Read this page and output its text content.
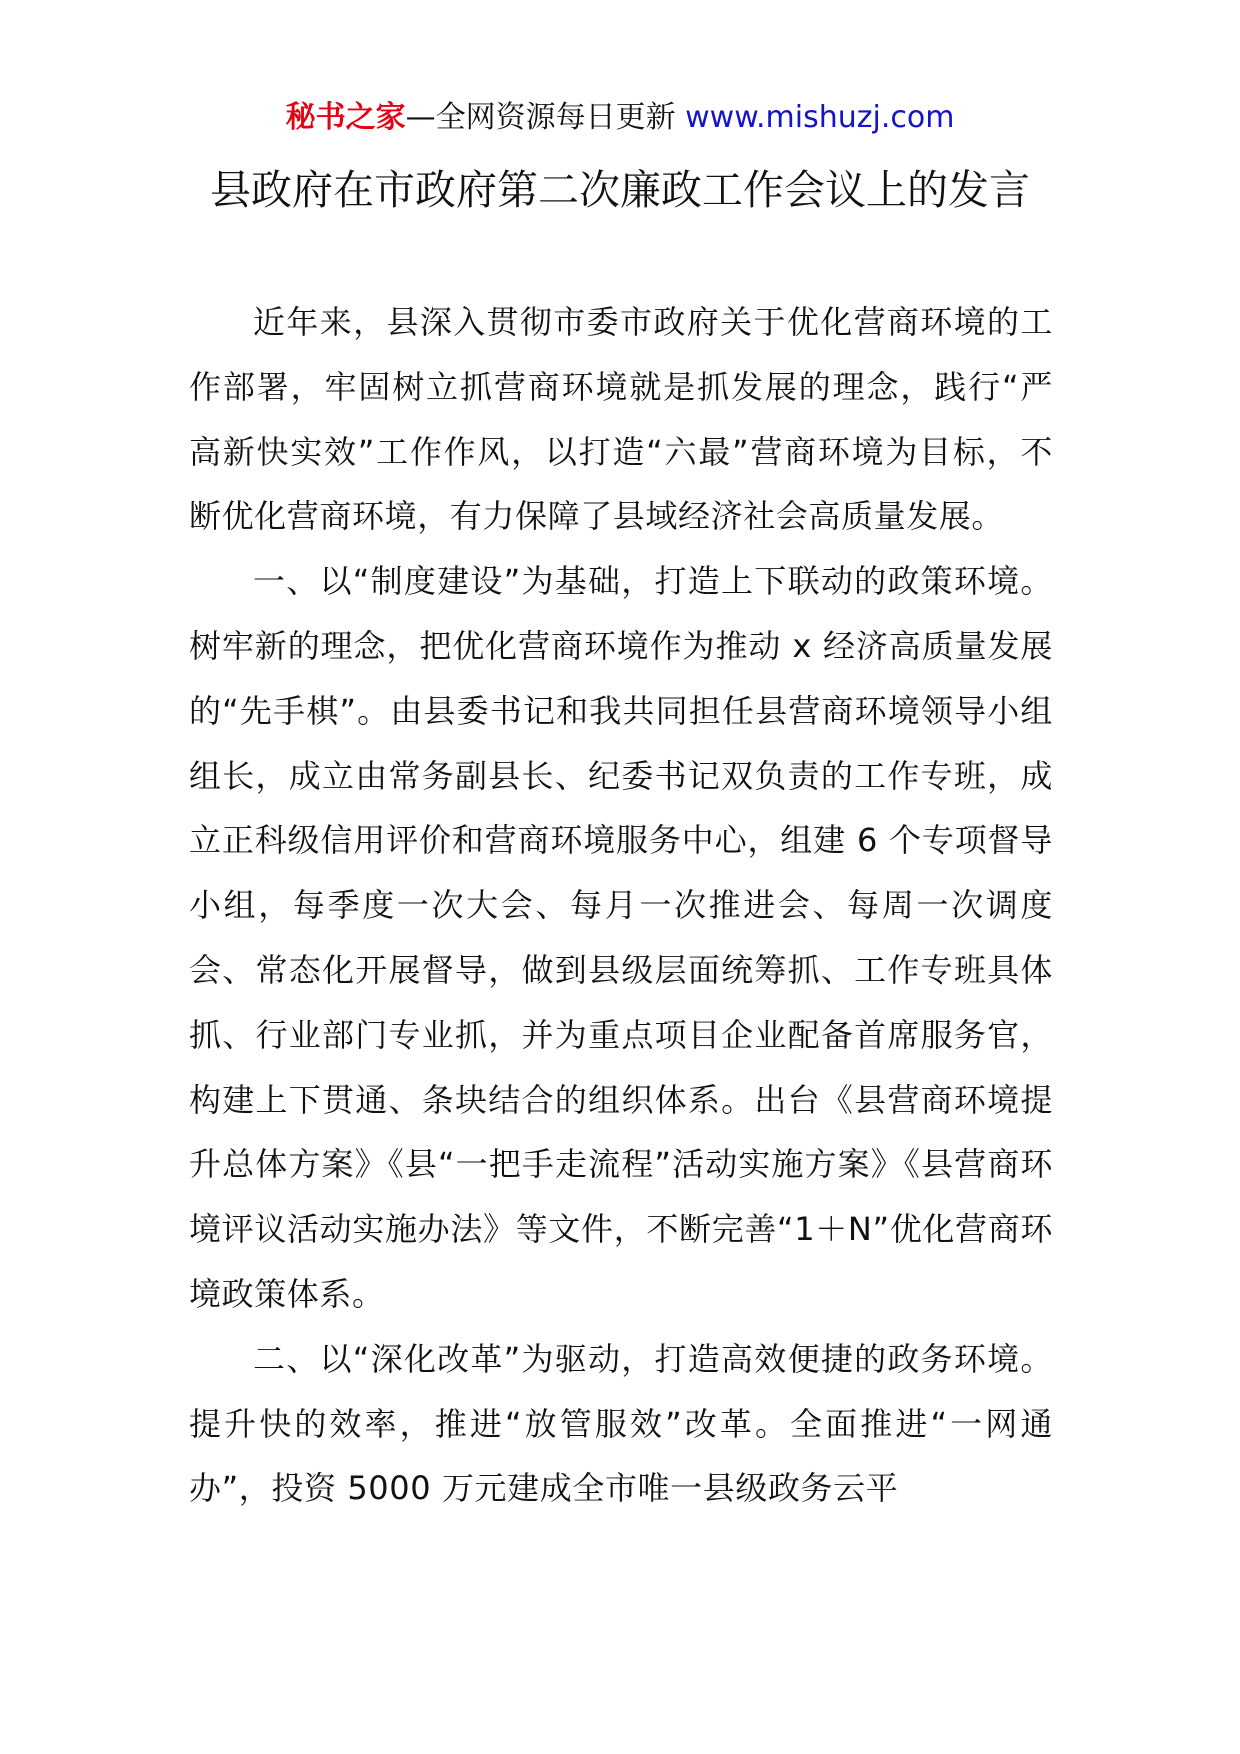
秘书之家—全网资源每日更新 www.mishuzj.com
县政府在市政府第二次廉政工作会议上的发言

近年来，县深入贯彻市委市政府关于优化营商环境的工作部署，牢固树立抓营商环境就是抓发展的理念，践行“严高新快实效”工作作风，以打造“六最”营商环境为目标，不断优化营商环境，有力保障了县域经济社会高质量发展。

一、以“制度建设”为基础，打造上下联动的政策环境。树牢新的理念，把优化营商环境作为推动 x 经济高质量发展的“先手棋”。由县委书记和我共同担任县营商环境领导小组组长，成立由常务副县长、纪委书记双负责的工作专班，成立正科级信用评价和营商环境服务中心，组建 6 个专项督导小组，每季度一次大会、每月一次推进会、每周一次调度会、常态化开展督导，做到县级层面统筹抓、工作专班具体抓、行业部门专业抓，并为重点项目企业配备首席服务官，构建上下贯通、条块结合的组织体系。出台《县营商环境提升总体方案》《县“一把手走流程”活动实施方案》《县营商环境评议活动实施办法》等文件，不断完善“1＋N”优化营商环境政策体系。

二、以“深化改革”为驱动，打造高效便捷的政务环境。提升快的效率，推进“放管服效”改革。全面推进“一网通办”，投资 5000 万元建成全市唯一县级政务云平
